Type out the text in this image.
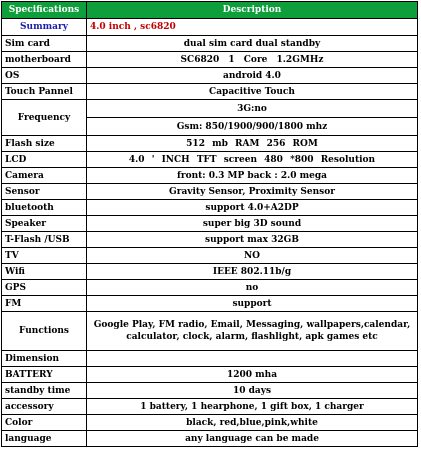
Specifications	Description
Summary	4.0 inch , sc6820
Sim card	dual sim card dual standby
motherboard	SC6820 1 Core 1.2GMHz
OS	android 4.0
Touch Pannel	Capacitive Touch
Frequency	3G:no
	Gsm: 850/1900/900/1800 mhz
Flash size	512 mb RAM 256 ROM
LCD	4.0 ' INCH TFT screen 480 *800 Resolution
Camera	front: 0.3 MP back : 2.0 mega
Sensor	Gravity Sensor, Proximity Sensor
bluetooth	support 4.0+A2DP
Speaker	super big 3D sound
T-Flash /USB	support max 32GB
TV	NO
Wifi	IEEE 802.11b/g
GPS	no
FM	support
Functions	Google Play, FM radio, Email, Messaging, wallpapers,calendar, calculator, clock, alarm, flashlight, apk games etc
Dimension	
BATTERY	1200 mha
standby time	10 days
accessory	1 battery, 1 hearphone, 1 gift box, 1 charger
Color	black, red,blue,pink,white
language	any language can be made
